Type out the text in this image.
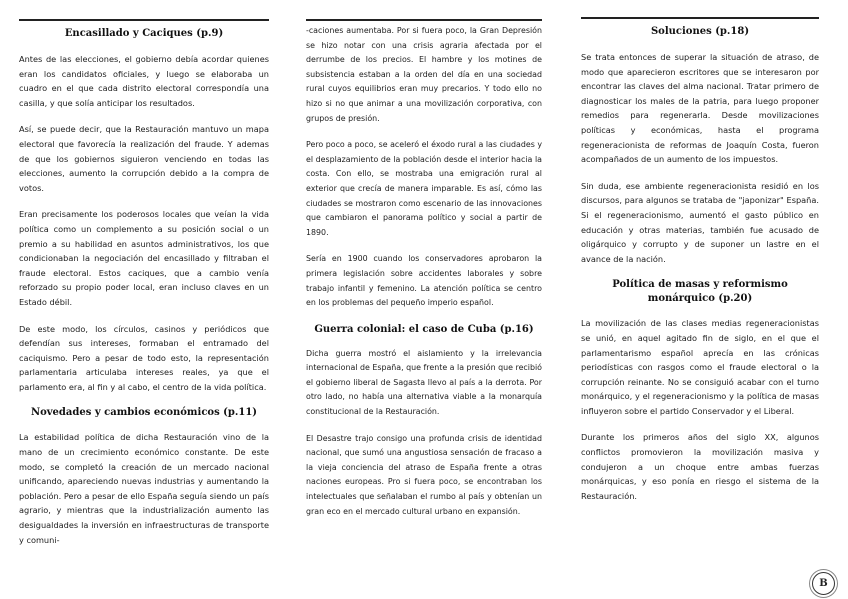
Encasillado y Caciques (p.9)

Antes de las elecciones, el gobierno debía acordar quienes eran los candidatos oficiales, y luego se elaboraba un cuadro en el que cada distrito electoral correspondía una casilla, y que solía anticipar los resultados.

Así, se puede decir, que la Restauración mantuvo un mapa electoral que favorecía la realización del fraude. Y ademas de que los gobiernos siguieron venciendo en todas las elecciones, aumento la corrupción debido a la compra de votos.

Eran precisamente los poderosos locales que veían la vida política como un complemento a su posición social o un premio a su habilidad en asuntos administrativos, los que condicionaban la negociación del encasillado y filtraban el fraude electoral. Estos caciques, que a cambio venía reforzado su propio poder local, eran incluso claves en un Estado débil.

De este modo, los círculos, casinos y periódicos que defendían sus intereses, formaban el entramado del caciquismo. Pero a pesar de todo esto, la representación parlamentaria articulaba intereses reales, ya que el parlamento era, al fin y al cabo, el centro de la vida política.

Novedades y cambios económicos (p.11)

La estabilidad política de dicha Restauración vino de la mano de un crecimiento económico constante. De este modo, se completó la creación de un mercado nacional unificando, apareciendo nuevas industrias y aumentando la población. Pero a pesar de ello España seguía siendo un país agrario, y mientras que la industrialización aumento las desigualdades la inversión en infraestructuras de transporte y comuni-

-caciones aumentaba. Por si fuera poco, la Gran Depresión se hizo notar con una crisis agraria afectada por el derrumbe de los precios. El hambre y los motines de subsistencia estaban a la orden del día en una sociedad rural cuyos equilibrios eran muy precarios. Y todo ello no hizo si no que animar a una movilización corporativa, con grupos de presión.

Pero poco a poco, se aceleró el éxodo rural a las ciudades y el desplazamiento de la población desde el interior hacia la costa. Con ello, se mostraba una emigración rural al exterior que crecía de manera imparable. Es así, cómo las ciudades se mostraron como escenario de las innovaciones que cambiaron el panorama político y social a partir de 1890.

Sería en 1900 cuando los conservadores aprobaron la primera legislación sobre accidentes laborales y sobre trabajo infantil y femenino. La atención política se centro en los problemas del pequeño imperio español.

Guerra colonial: el caso de Cuba (p.16)

Dicha guerra mostró el aislamiento y la irrelevancia internacional de España, que frente a la presión que recibió el gobierno liberal de Sagasta llevo al país a la derrota. Por otro lado, no había una alternativa viable a la monarquía constitucional de la Restauración.

El Desastre trajo consigo una profunda crisis de identidad nacional, que sumó una angustiosa sensación de fracaso a la vieja conciencia del atraso de España frente a otras naciones europeas. Pro si fuera poco, se encontraban los intelectuales que señalaban el rumbo al país y obtenían un gran eco en el mercado cultural urbano en expansión.

Soluciones (p.18)

Se trata entonces de superar la situación de atraso, de modo que aparecieron escritores que se interesaron por encontrar las claves del alma nacional. Tratar primero de diagnosticar los males de la patria, para luego proponer remedios para regenerarla. Desde movilizaciones políticas y económicas, hasta el programa regeneracionista de reformas de Joaquín Costa, fueron acompañados de un aumento de los impuestos.

Sin duda, ese ambiente regeneracionista residió en los discursos, para algunos se trataba de "japonizar" España. Si el regeneracionismo, aumentó el gasto público en educación y otras materias, también fue acusado de oligárquico y corrupto y de suponer un lastre en el avance de la nación.

Política de masas y reformismo monárquico (p.20)

La movilización de las clases medias regeneracionistas se unió, en aquel agitado fin de siglo, en el que el parlamentarismo español aprecía en las crónicas periodísticas con rasgos como el fraude electoral o la corrupción reinante. No se consiguió acabar con el turno monárquico, y el regeneracionismo y la política de masas influyeron sobre el partido Conservador y el Liberal.

Durante los primeros años del siglo XX, algunos conflictos promovieron la movilización masiva y condujeron a un choque entre ambas fuerzas monárquicas, y eso ponía en riesgo el sistema de la Restauración.

B
